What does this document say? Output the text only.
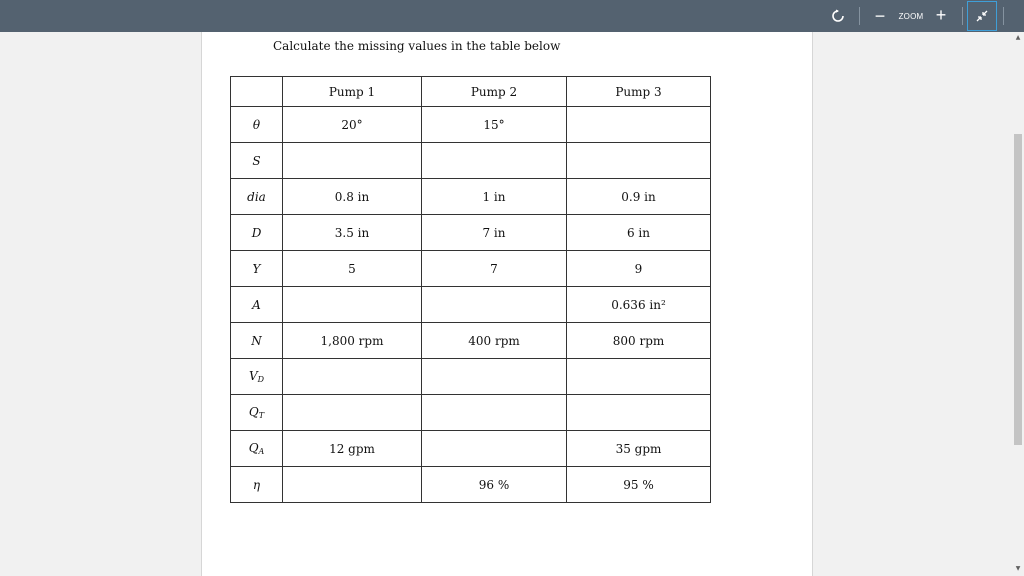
− ZOOM +
▲
▼
Calculate the missing values in the table below
	Pump 1	Pump 2	Pump 3
θ	20°	15°	
S			
dia	0.8 in	1 in	0.9 in
D	3.5 in	7 in	6 in
Y	5	7	9
A			0.636 in²
N	1,800 rpm	400 rpm	800 rpm
$V_D$			
$Q_T$			
$Q_A$	12 gpm		35 gpm
η		96 %	95 %
